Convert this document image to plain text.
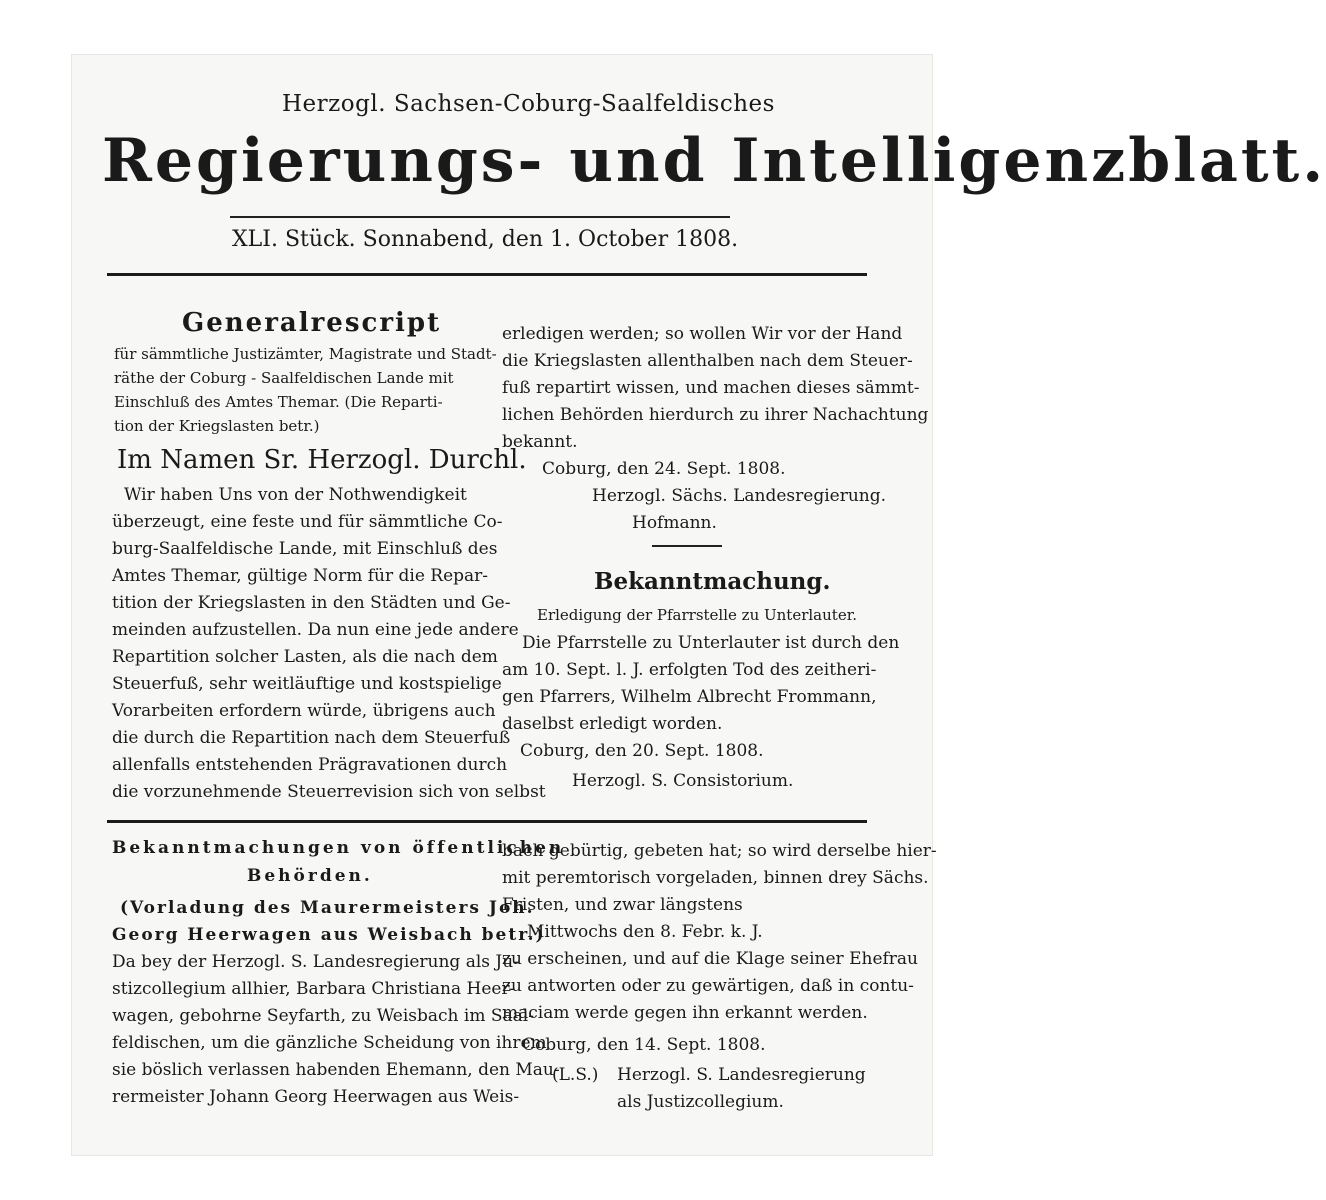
Herzogl. Sachsen-Coburg-Saalfeldisches
Regierungs- und Intelligenzblatt.
XLI. Stück. Sonnabend, den 1. October 1808.
Generalrescript
für sämmtliche Justizämter, Magistrate und Stadt-
räthe der Coburg - Saalfeldischen Lande mit
Einschluß des Amtes Themar. (Die Reparti-
tion der Kriegslasten betr.)
Im Namen Sr. Herzogl. Durchl.
Wir haben Uns von der Nothwendigkeit
überzeugt, eine feste und für sämmtliche Co-
burg-Saalfeldische Lande, mit Einschluß des
Amtes Themar, gültige Norm für die Repar-
tition der Kriegslasten in den Städten und Ge-
meinden aufzustellen. Da nun eine jede andere
Repartition solcher Lasten, als die nach dem
Steuerfuß, sehr weitläuftige und kostspielige
Vorarbeiten erfordern würde, übrigens auch
die durch die Repartition nach dem Steuerfuß
allenfalls entstehenden Prägravationen durch
die vorzunehmende Steuerrevision sich von selbst
erledigen werden; so wollen Wir vor der Hand
die Kriegslasten allenthalben nach dem Steuer-
fuß repartirt wissen, und machen dieses sämmt-
lichen Behörden hierdurch zu ihrer Nachachtung
bekannt.
Coburg, den 24. Sept. 1808.
Herzogl. Sächs. Landesregierung.
Hofmann.
Bekanntmachung.
Erledigung der Pfarrstelle zu Unterlauter.
Die Pfarrstelle zu Unterlauter ist durch den
am 10. Sept. l. J. erfolgten Tod des zeitheri-
gen Pfarrers, Wilhelm Albrecht Frommann,
daselbst erledigt worden.
Coburg, den 20. Sept. 1808.
Herzogl. S. Consistorium.
Bekanntmachungen von öffentlichen
Behörden.
(Vorladung des Maurermeisters Joh.
Georg Heerwagen aus Weisbach betr.)
Da bey der Herzogl. S. Landesregierung als Ju-
stizcollegium allhier, Barbara Christiana Heer-
wagen, gebohrne Seyfarth, zu Weisbach im Saal-
feldischen, um die gänzliche Scheidung von ihrem
sie böslich verlassen habenden Ehemann, den Mau-
rermeister Johann Georg Heerwagen aus Weis-
bach gebürtig, gebeten hat; so wird derselbe hier-
mit peremtorisch vorgeladen, binnen drey Sächs.
Fristen, und zwar längstens
Mittwochs den 8. Febr. k. J.
zu erscheinen, und auf die Klage seiner Ehefrau
zu antworten oder zu gewärtigen, daß in contu-
maciam werde gegen ihn erkannt werden.
Coburg, den 14. Sept. 1808.
(L.S.) Herzogl. S. Landesregierung
als Justizcollegium.
